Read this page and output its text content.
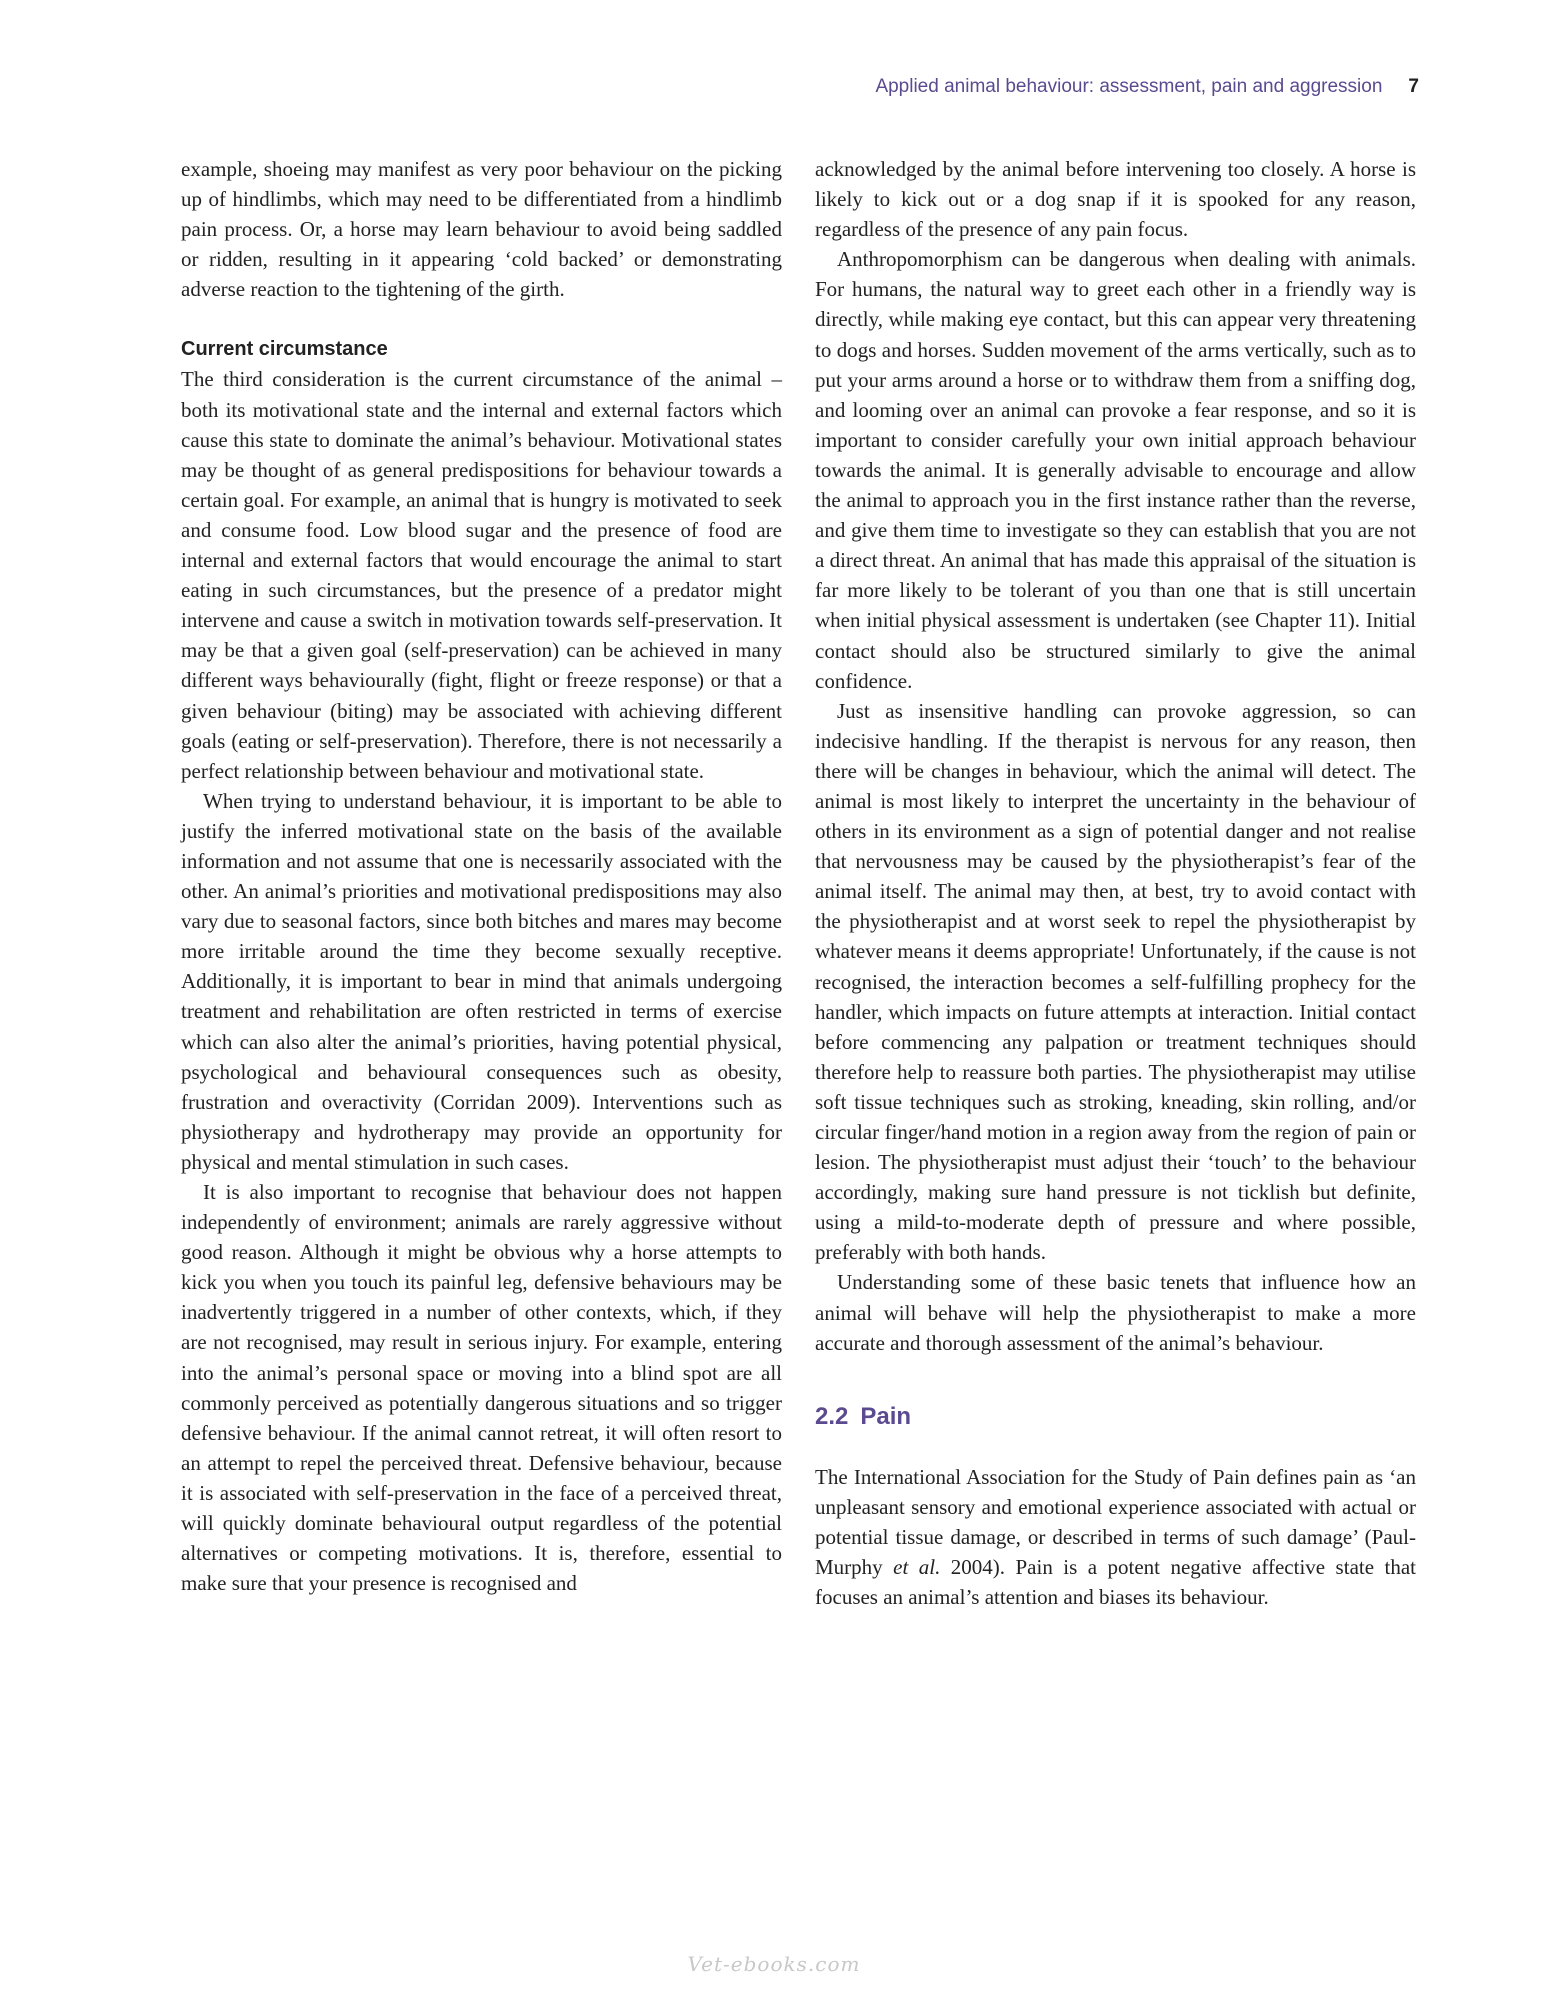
Applied animal behaviour: assessment, pain and aggression 7

example, shoeing may manifest as very poor behaviour on the picking up of hindlimbs, which may need to be differentiated from a hindlimb pain process. Or, a horse may learn behaviour to avoid being saddled or ridden, resulting in it appearing ‘cold backed’ or demonstrating adverse reaction to the tightening of the girth.

Current circumstance

The third consideration is the current circumstance of the animal – both its motivational state and the internal and external factors which cause this state to dominate the animal’s behaviour. Motivational states may be thought of as general predispositions for behaviour towards a certain goal. For example, an animal that is hungry is motivated to seek and consume food. Low blood sugar and the presence of food are internal and external factors that would encourage the animal to start eating in such circumstances, but the presence of a predator might intervene and cause a switch in motivation towards self-preservation. It may be that a given goal (self-preservation) can be achieved in many different ways behaviourally (fight, flight or freeze response) or that a given behaviour (biting) may be associated with achieving different goals (eating or self-preservation). Therefore, there is not necessarily a perfect relationship between behaviour and motivational state.

When trying to understand behaviour, it is important to be able to justify the inferred motivational state on the basis of the available information and not assume that one is necessarily associated with the other. An animal’s priorities and motivational predispositions may also vary due to seasonal factors, since both bitches and mares may become more irritable around the time they become sexually receptive. Additionally, it is important to bear in mind that animals undergoing treatment and rehabilitation are often restricted in terms of exercise which can also alter the animal’s priorities, having potential physical, psychological and behavioural consequences such as obesity, frustration and overactivity (Corridan 2009). Interventions such as physiotherapy and hydrotherapy may provide an opportunity for physical and mental stimulation in such cases.

It is also important to recognise that behaviour does not happen independently of environment; animals are rarely aggressive without good reason. Although it might be obvious why a horse attempts to kick you when you touch its painful leg, defensive behaviours may be inadvertently triggered in a number of other contexts, which, if they are not recognised, may result in serious injury. For example, entering into the animal’s personal space or moving into a blind spot are all commonly perceived as potentially dangerous situations and so trigger defensive behaviour. If the animal cannot retreat, it will often resort to an attempt to repel the perceived threat. Defensive behaviour, because it is associated with self-preservation in the face of a perceived threat, will quickly dominate behavioural output regardless of the potential alternatives or competing motivations. It is, therefore, essential to make sure that your presence is recognised and

acknowledged by the animal before intervening too closely. A horse is likely to kick out or a dog snap if it is spooked for any reason, regardless of the presence of any pain focus.

Anthropomorphism can be dangerous when dealing with animals. For humans, the natural way to greet each other in a friendly way is directly, while making eye contact, but this can appear very threatening to dogs and horses. Sudden movement of the arms vertically, such as to put your arms around a horse or to withdraw them from a sniffing dog, and looming over an animal can provoke a fear response, and so it is important to consider carefully your own initial approach behaviour towards the animal. It is generally advisable to encourage and allow the animal to approach you in the first instance rather than the reverse, and give them time to investigate so they can establish that you are not a direct threat. An animal that has made this appraisal of the situation is far more likely to be tolerant of you than one that is still uncertain when initial physical assessment is undertaken (see Chapter 11). Initial contact should also be structured similarly to give the animal confidence.

Just as insensitive handling can provoke aggression, so can indecisive handling. If the therapist is nervous for any reason, then there will be changes in behaviour, which the animal will detect. The animal is most likely to interpret the uncertainty in the behaviour of others in its environment as a sign of potential danger and not realise that nervousness may be caused by the physiotherapist’s fear of the animal itself. The animal may then, at best, try to avoid contact with the physiotherapist and at worst seek to repel the physiotherapist by whatever means it deems appropriate! Unfortunately, if the cause is not recognised, the interaction becomes a self-fulfilling prophecy for the handler, which impacts on future attempts at interaction. Initial contact before commencing any palpation or treatment techniques should therefore help to reassure both parties. The physiotherapist may utilise soft tissue techniques such as stroking, kneading, skin rolling, and/or circular finger/hand motion in a region away from the region of pain or lesion. The physiotherapist must adjust their ‘touch’ to the behaviour accordingly, making sure hand pressure is not ticklish but definite, using a mild-to-moderate depth of pressure and where possible, preferably with both hands.

Understanding some of these basic tenets that influence how an animal will behave will help the physiotherapist to make a more accurate and thorough assessment of the animal’s behaviour.

2.2 Pain

The International Association for the Study of Pain defines pain as ‘an unpleasant sensory and emotional experience associated with actual or potential tissue damage, or described in terms of such damage’ (Paul-Murphy et al. 2004). Pain is a potent negative affective state that focuses an animal’s attention and biases its behaviour.

Vet-ebooks.com
